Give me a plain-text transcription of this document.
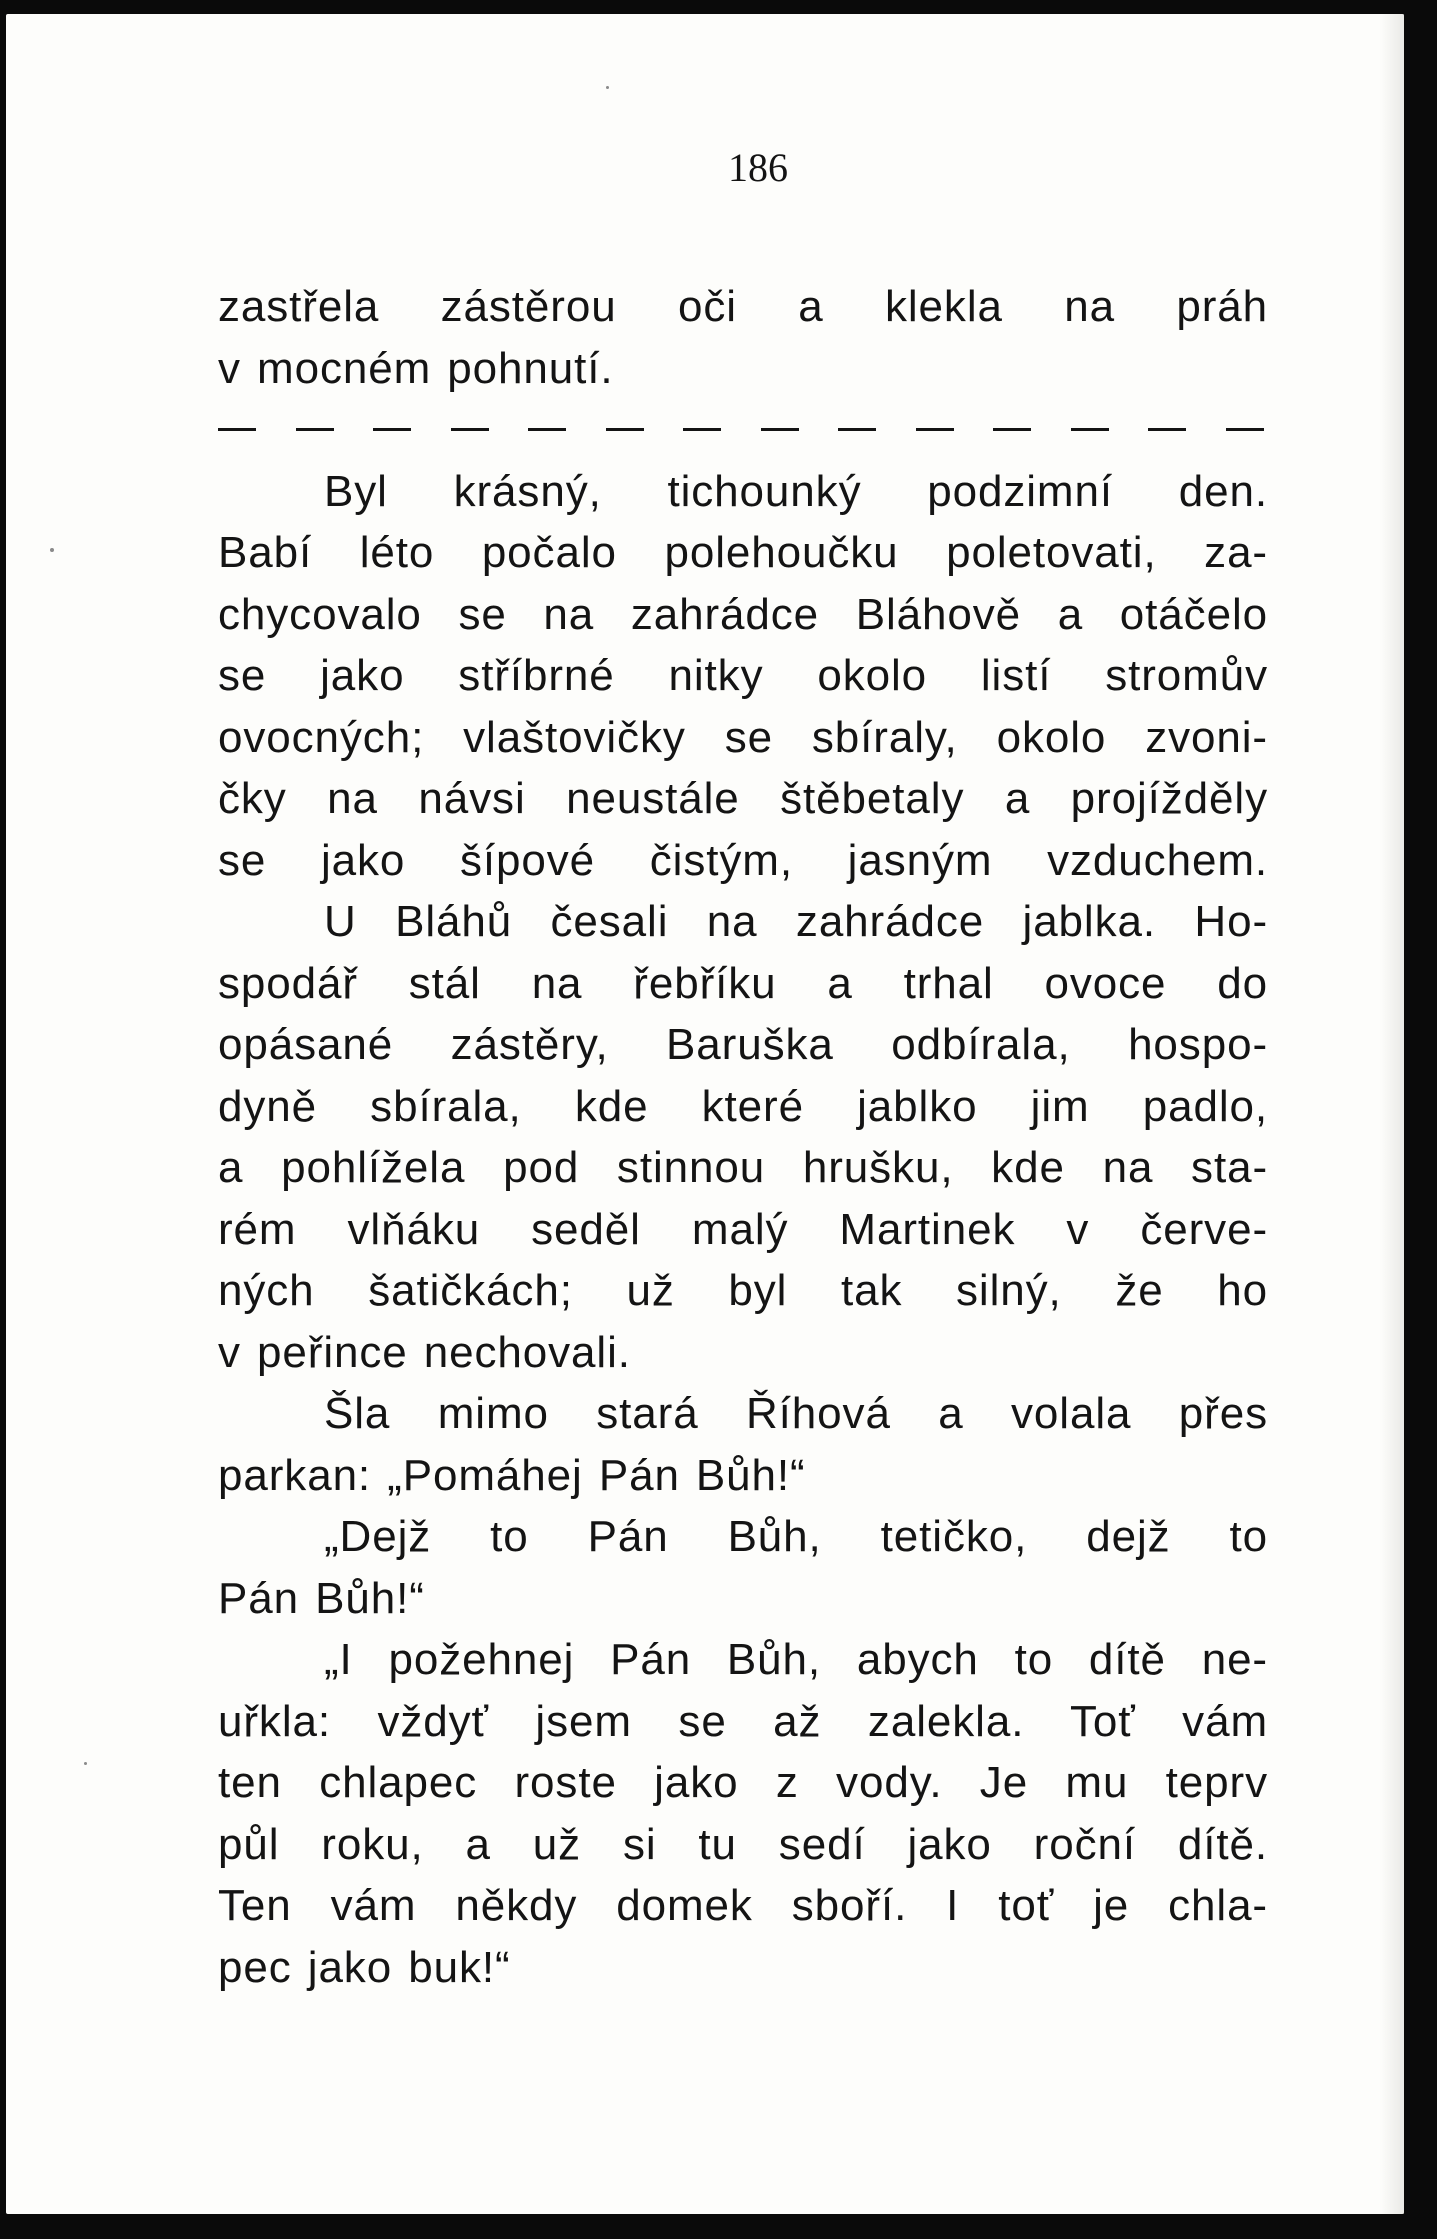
186
zastřela zástěrou oči a klekla na práh
v mocném pohnutí.
Byl krásný, tichounký podzimní den.
Babí léto počalo polehoučku poletovati, za-
chycovalo se na zahrádce Bláhově a otáčelo
se jako stříbrné nitky okolo listí stromův
ovocných; vlaštovičky se sbíraly, okolo zvoni-
čky na návsi neustále štěbetaly a projížděly
se jako šípové čistým, jasným vzduchem.
U Bláhů česali na zahrádce jablka. Ho-
spodář stál na řebříku a trhal ovoce do
opásané zástěry, Baruška odbírala, hospo-
dyně sbírala, kde které jablko jim padlo,
a pohlížela pod stinnou hrušku, kde na sta-
rém vlňáku seděl malý Martinek v červe-
ných šatičkách; už byl tak silný, že ho
v peřince nechovali.
Šla mimo stará Říhová a volala přes
parkan: „Pomáhej Pán Bůh!“
„Dejž to Pán Bůh, tetičko, dejž to
Pán Bůh!“
„I požehnej Pán Bůh, abych to dítě ne-
uřkla: vždyť jsem se až zalekla. Toť vám
ten chlapec roste jako z vody. Je mu teprv
půl roku, a už si tu sedí jako roční dítě.
Ten vám někdy domek sboří. I toť je chla-
pec jako buk!“
